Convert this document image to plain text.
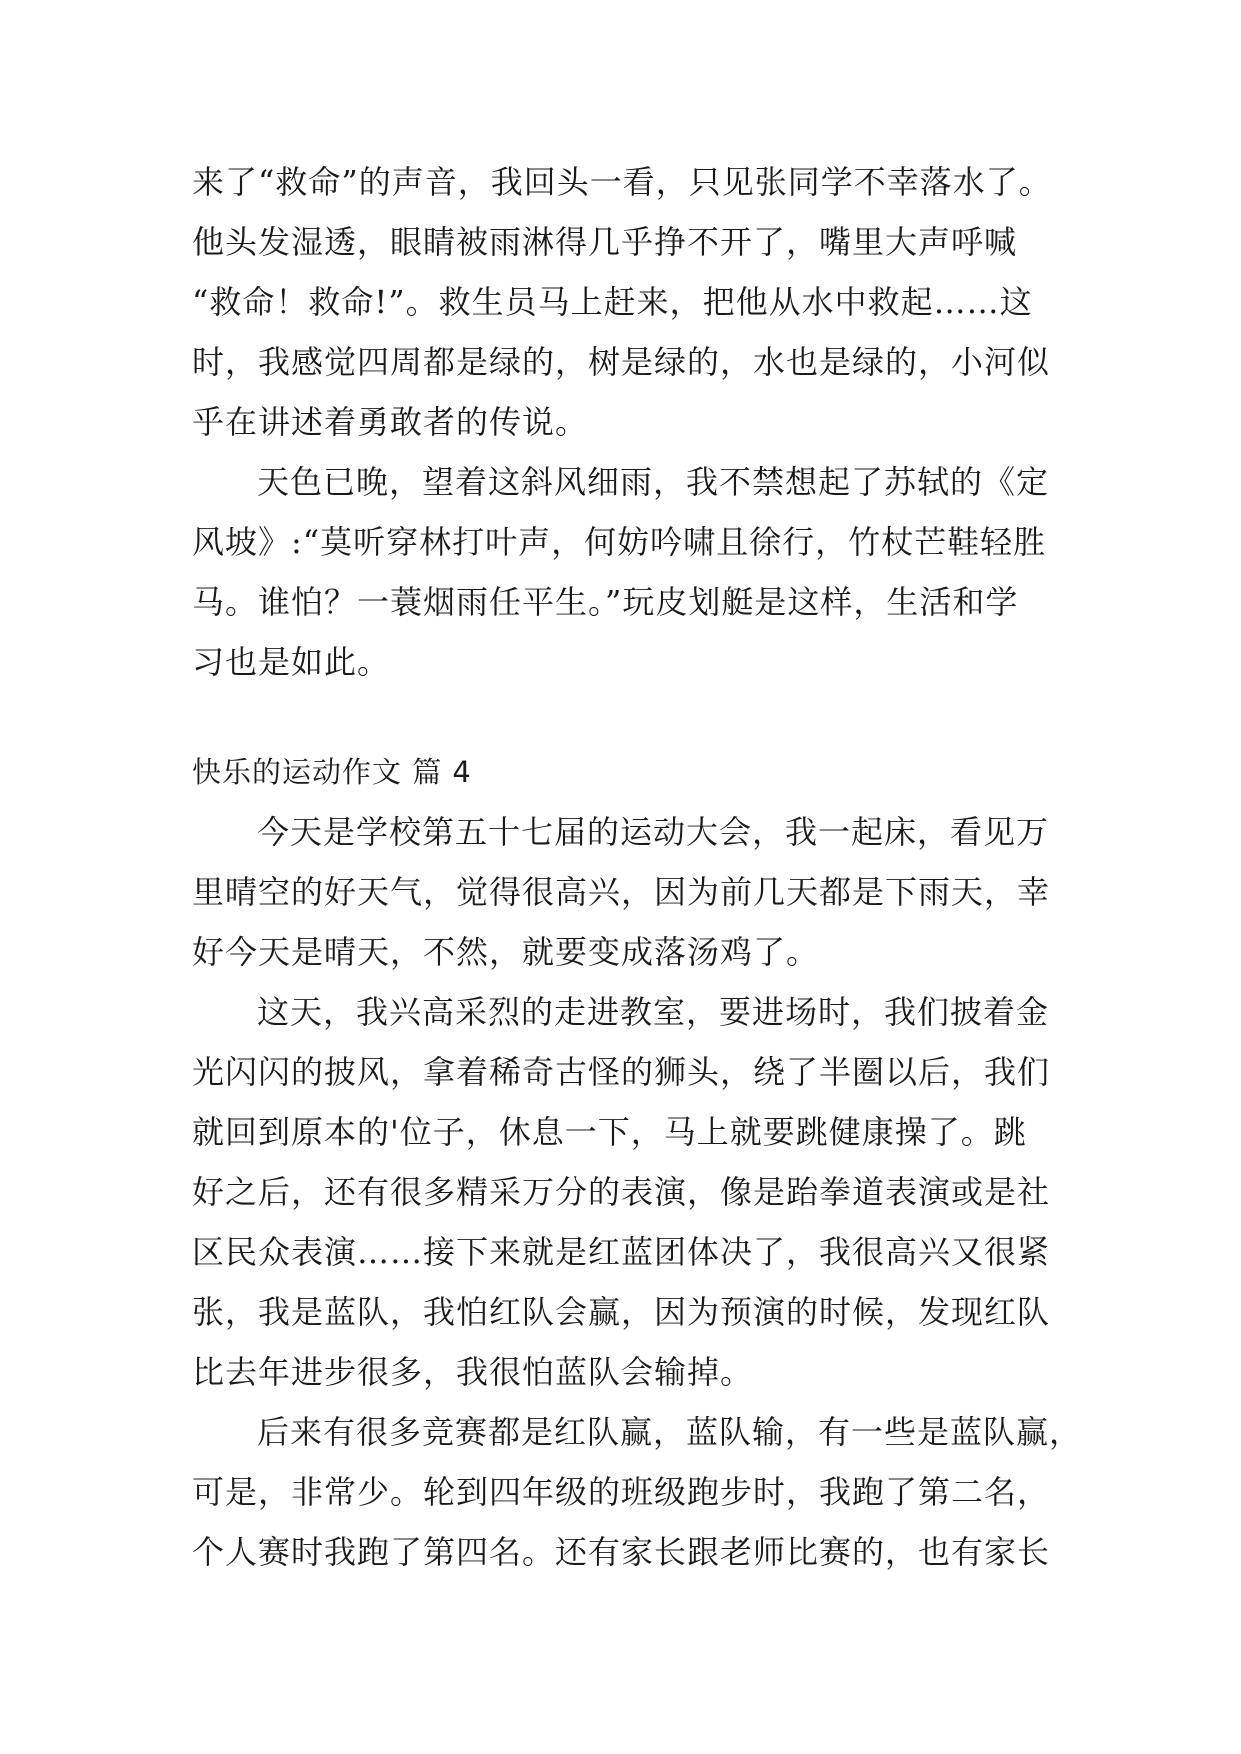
来了“救命”的声音，我回头一看，只见张同学不幸落水了。
他头发湿透，眼睛被雨淋得几乎挣不开了，嘴里大声呼喊
“救命！救命!”。救生员马上赶来，把他从水中救起……这
时，我感觉四周都是绿的，树是绿的，水也是绿的，小河似
乎在讲述着勇敢者的传说。
天色已晚，望着这斜风细雨，我不禁想起了苏轼的《定
风坡》:“莫听穿林打叶声，何妨吟啸且徐行，竹杖芒鞋轻胜
马。谁怕？一蓑烟雨任平生。”玩皮划艇是这样，生活和学
习也是如此。
快乐的运动作文 篇 4
今天是学校第五十七届的运动大会，我一起床，看见万
里晴空的好天气，觉得很高兴，因为前几天都是下雨天，幸
好今天是晴天，不然，就要变成落汤鸡了。
这天，我兴高采烈的走进教室，要进场时，我们披着金
光闪闪的披风，拿着稀奇古怪的狮头，绕了半圈以后，我们
就回到原本的'位子，休息一下，马上就要跳健康操了。跳
好之后，还有很多精采万分的表演，像是跆拳道表演或是社
区民众表演……接下来就是红蓝团体决了，我很高兴又很紧
张，我是蓝队，我怕红队会赢，因为预演的时候，发现红队
比去年进步很多，我很怕蓝队会输掉。
后来有很多竞赛都是红队赢，蓝队输，有一些是蓝队赢，
可是，非常少。轮到四年级的班级跑步时，我跑了第二名，
个人赛时我跑了第四名。还有家长跟老师比赛的，也有家长
